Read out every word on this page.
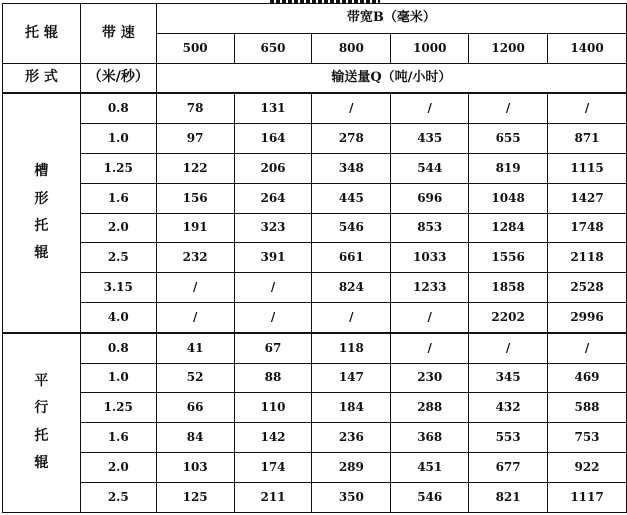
托 辊	带 速	带宽B（毫米）					
		500	650	800	1000	1200	1400
形 式	（米/秒）	输送量Q（吨/小时）					

槽
形
托
辊	0.8	78	131	/	/	/	/
	1.0	97	164	278	435	655	871
	1.25	122	206	348	544	819	1115
	1.6	156	264	445	696	1048	1427
	2.0	191	323	546	853	1284	1748
	2.5	232	391	661	1033	1556	2118
	3.15	/	/	824	1233	1858	2528
	4.0	/	/	/	/	2202	2996

平
行
托
辊	0.8	41	67	118	/	/	/
	1.0	52	88	147	230	345	469
	1.25	66	110	184	288	432	588
	1.6	84	142	236	368	553	753
	2.0	103	174	289	451	677	922
	2.5	125	211	350	546	821	1117
